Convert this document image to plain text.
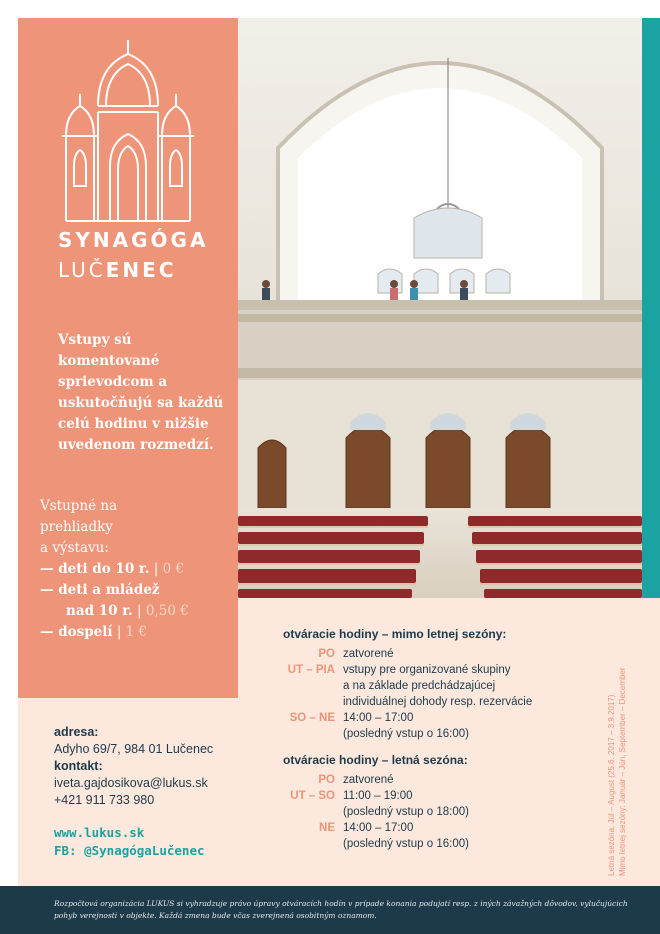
SYNAGÓGA
LUČENEC
Vstupy sú komentované sprievodcom a uskutočňujú sa každú celú hodinu v nižšie uvedenom rozmedzí.
Vstupné na
prehliadky
a výstavu:
— deti do 10 r. | 0 €
— deti a mládež
nad 10 r. | 0,50 €
— dospelí | 1 €
adresa:
Adyho 69/7, 984 01 Lučenec
kontakt:
iveta.gajdosikova@lukus.sk
+421 911 733 980
www.lukus.sk
FB: @SynagógaLučenec
otváracie hodiny – mimo letnej sezóny:
PO zatvorené
UT – PIA vstupy pre organizované skupiny
a na základe predchádzajúcej
individuálnej dohody resp. rezervácie
SO – NE 14:00 – 17:00
(posledný vstup o 16:00)
otváracie hodiny – letná sezóna:
PO zatvorené
UT – SO 11:00 – 19:00
(posledný vstup o 18:00)
NE 14:00 – 17:00
(posledný vstup o 16:00)	Letná sezóna: Júl – August (25.6. 2017 – 3.9.2017) Mimo letnej sezóny: Január – Jún, September – December

Rozpočtová organizácia LUKUS si vyhradzuje právo úpravy otváracích hodín v prípade konania podujatí resp. z iných závažných dôvodov, vylučujúcich pohyb verejnosti v objekte. Každá zmena bude včas zverejnená osobitným oznamom.
